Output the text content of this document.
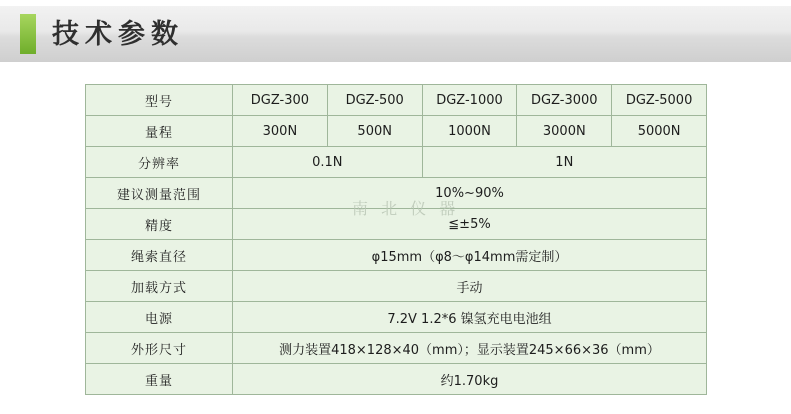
技术参数
型号	DGZ-300	DGZ-500	DGZ-1000	DGZ-3000	DGZ-5000
量程	300N	500N	1000N	3000N	5000N
分辨率	0.1N		1N		
建议测量范围	10%~90%				
精度	≦±5%				
绳索直径	φ15mm（φ8～φ14mm需定制）				
加载方式	手动				
电源	7.2V 1.2*6 镍氢充电电池组				
外形尺寸	测力装置418×128×40（mm）；显示装置245×66×36（mm）				
重量	约1.70kg				
南 北 仪 器
